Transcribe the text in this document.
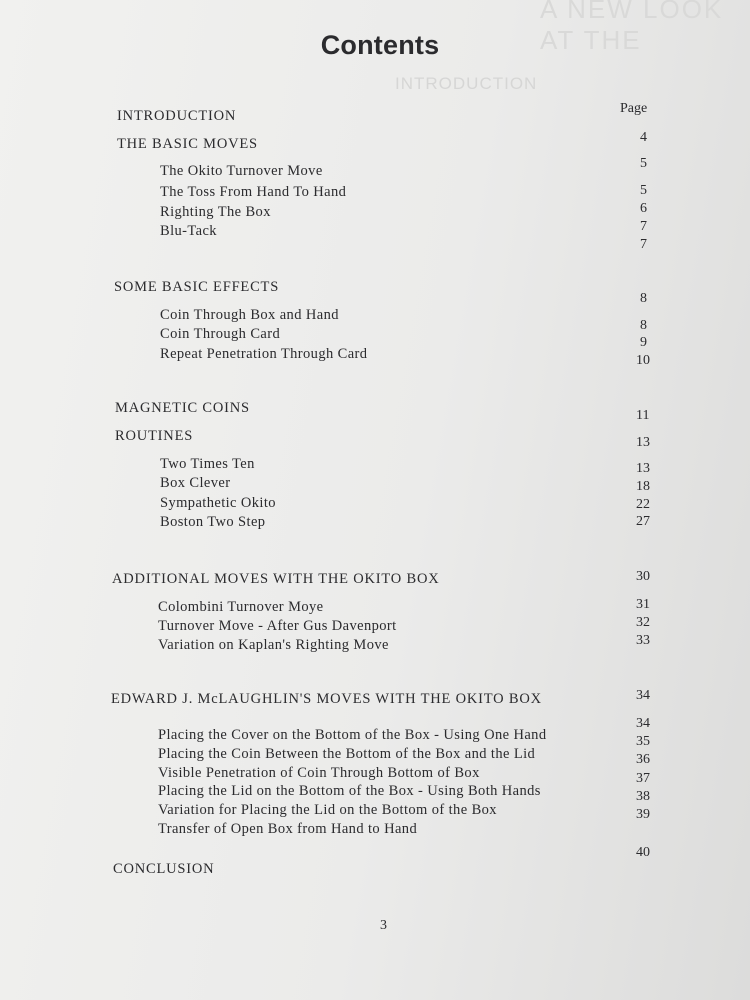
A NEW LOOK AT THE
INTRODUCTION
Contents
Page
INTRODUCTION
THE BASIC MOVES
The Okito Turnover Move
The Toss From Hand To Hand
Righting The Box
Blu-Tack
SOME BASIC EFFECTS
Coin Through Box and Hand
Coin Through Card
Repeat Penetration Through Card
MAGNETIC COINS
ROUTINES
Two Times Ten
Box Clever
Sympathetic Okito
Boston Two Step
ADDITIONAL MOVES WITH THE OKITO BOX
Colombini Turnover Moye
Turnover Move - After Gus Davenport
Variation on Kaplan's Righting Move
EDWARD J. McLAUGHLIN'S MOVES WITH THE OKITO BOX
Placing the Cover on the Bottom of the Box - Using One Hand
Placing the Coin Between the Bottom of the Box and the Lid
Visible Penetration of Coin Through Bottom of Box
Placing the Lid on the Bottom of the Box - Using Both Hands
Variation for Placing the Lid on the Bottom of the Box
Transfer of Open Box from Hand to Hand
CONCLUSION
4
5
5
6
7
7
8
8
9
10
11
13
13
18
22
27
30
31
32
33
34
34
35
36
37
38
39
40
3
